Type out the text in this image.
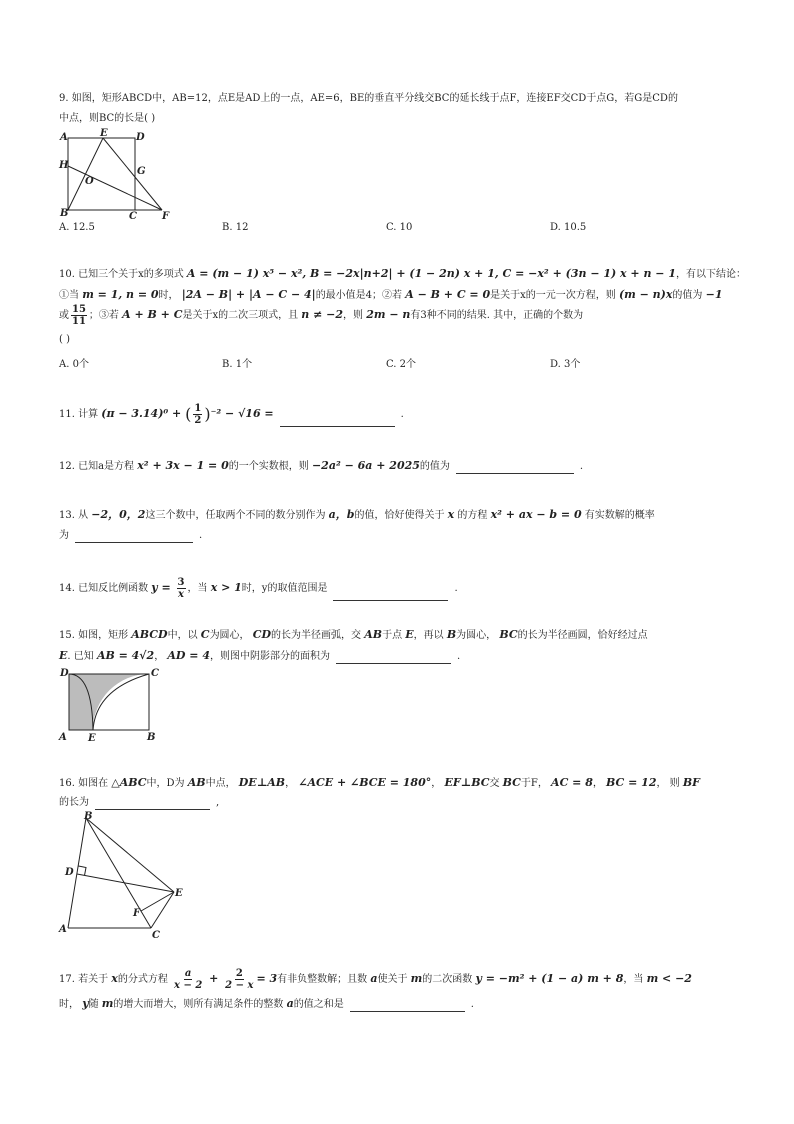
9. 如图，矩形ABCD中，AB=12，点E是AD上的一点，AE=6，BE的垂直平分线交BC的延长线于点F，连接EF交CD于点G，若G是CD的
中点，则BC的长是( )
A	E	D
H
G
O
B	C	F
A. 12.5	B. 12	C. 10	D. 10.5
10. 已知三个关于x的多项式 A = (m − 1) x⁵ − x², B = −2x|n+2| + (1 − 2n) x + 1, C = −x² + (3n − 1) x + n − 1，有以下结论：
①当 m = 1, n = 0时， |2A − B| + |A − C − 4|的最小值是4；②若 A − B + C = 0是关于x的一元一次方程，则 (m − n)x的值为 −1
或 $\frac{15}{11}$ ；③若 A + B + C是关于x的二次三项式，且 n ≠ −2，则 2m − n有3种不同的结果. 其中，正确的个数为
( )
A. 0个	B. 1个	C. 2个	D. 3个
11. 计算 (π − 3.14)⁰ + ( $\frac{1}{2} )^{-2} - √16$ =	.
12. 已知a是方程 x² + 3x − 1 = 0的一个实数根，则 −2a² − 6a + 2025的值为	.
13. 从 −2，0，2这三个数中，任取两个不同的数分别作为 a，b的值，恰好使得关于 x 的方程 x² + ax − b = 0 有实数解的概率
为	.
14. 已知反比例函数 $y = \frac{3}{x}$ ，当 x > 1时，y的取值范围是	.
15. 如图，矩形 ABCD中，以 C为圆心， CD的长为半径画弧，交 AB于点 E，再以 B为圆心， BC的长为半径画圆，恰好经过点
E. 已知 AB = 4√2， AD = 4，则图中阴影部分的面积为	.
D	C
A E	B
16. 如图在 △ABC中，D为 AB中点， DE⊥AB， ∠ACE + ∠BCE = 180°， EF⊥BC交 BC于F， AC = 8， BC = 12， 则 BF
的长为	,
B
D
E
F
A
C
17. 若关于 x的分式方程 $\frac{a}{x - 2} + \frac{2}{2 - x} = 3$有非负整数解；且数 a使关于 m的二次函数 y = −m² + (1 − a) m + 8，当 m < −2
时， y随 m的增大而增大，则所有满足条件的整数 a的值之和是	.
